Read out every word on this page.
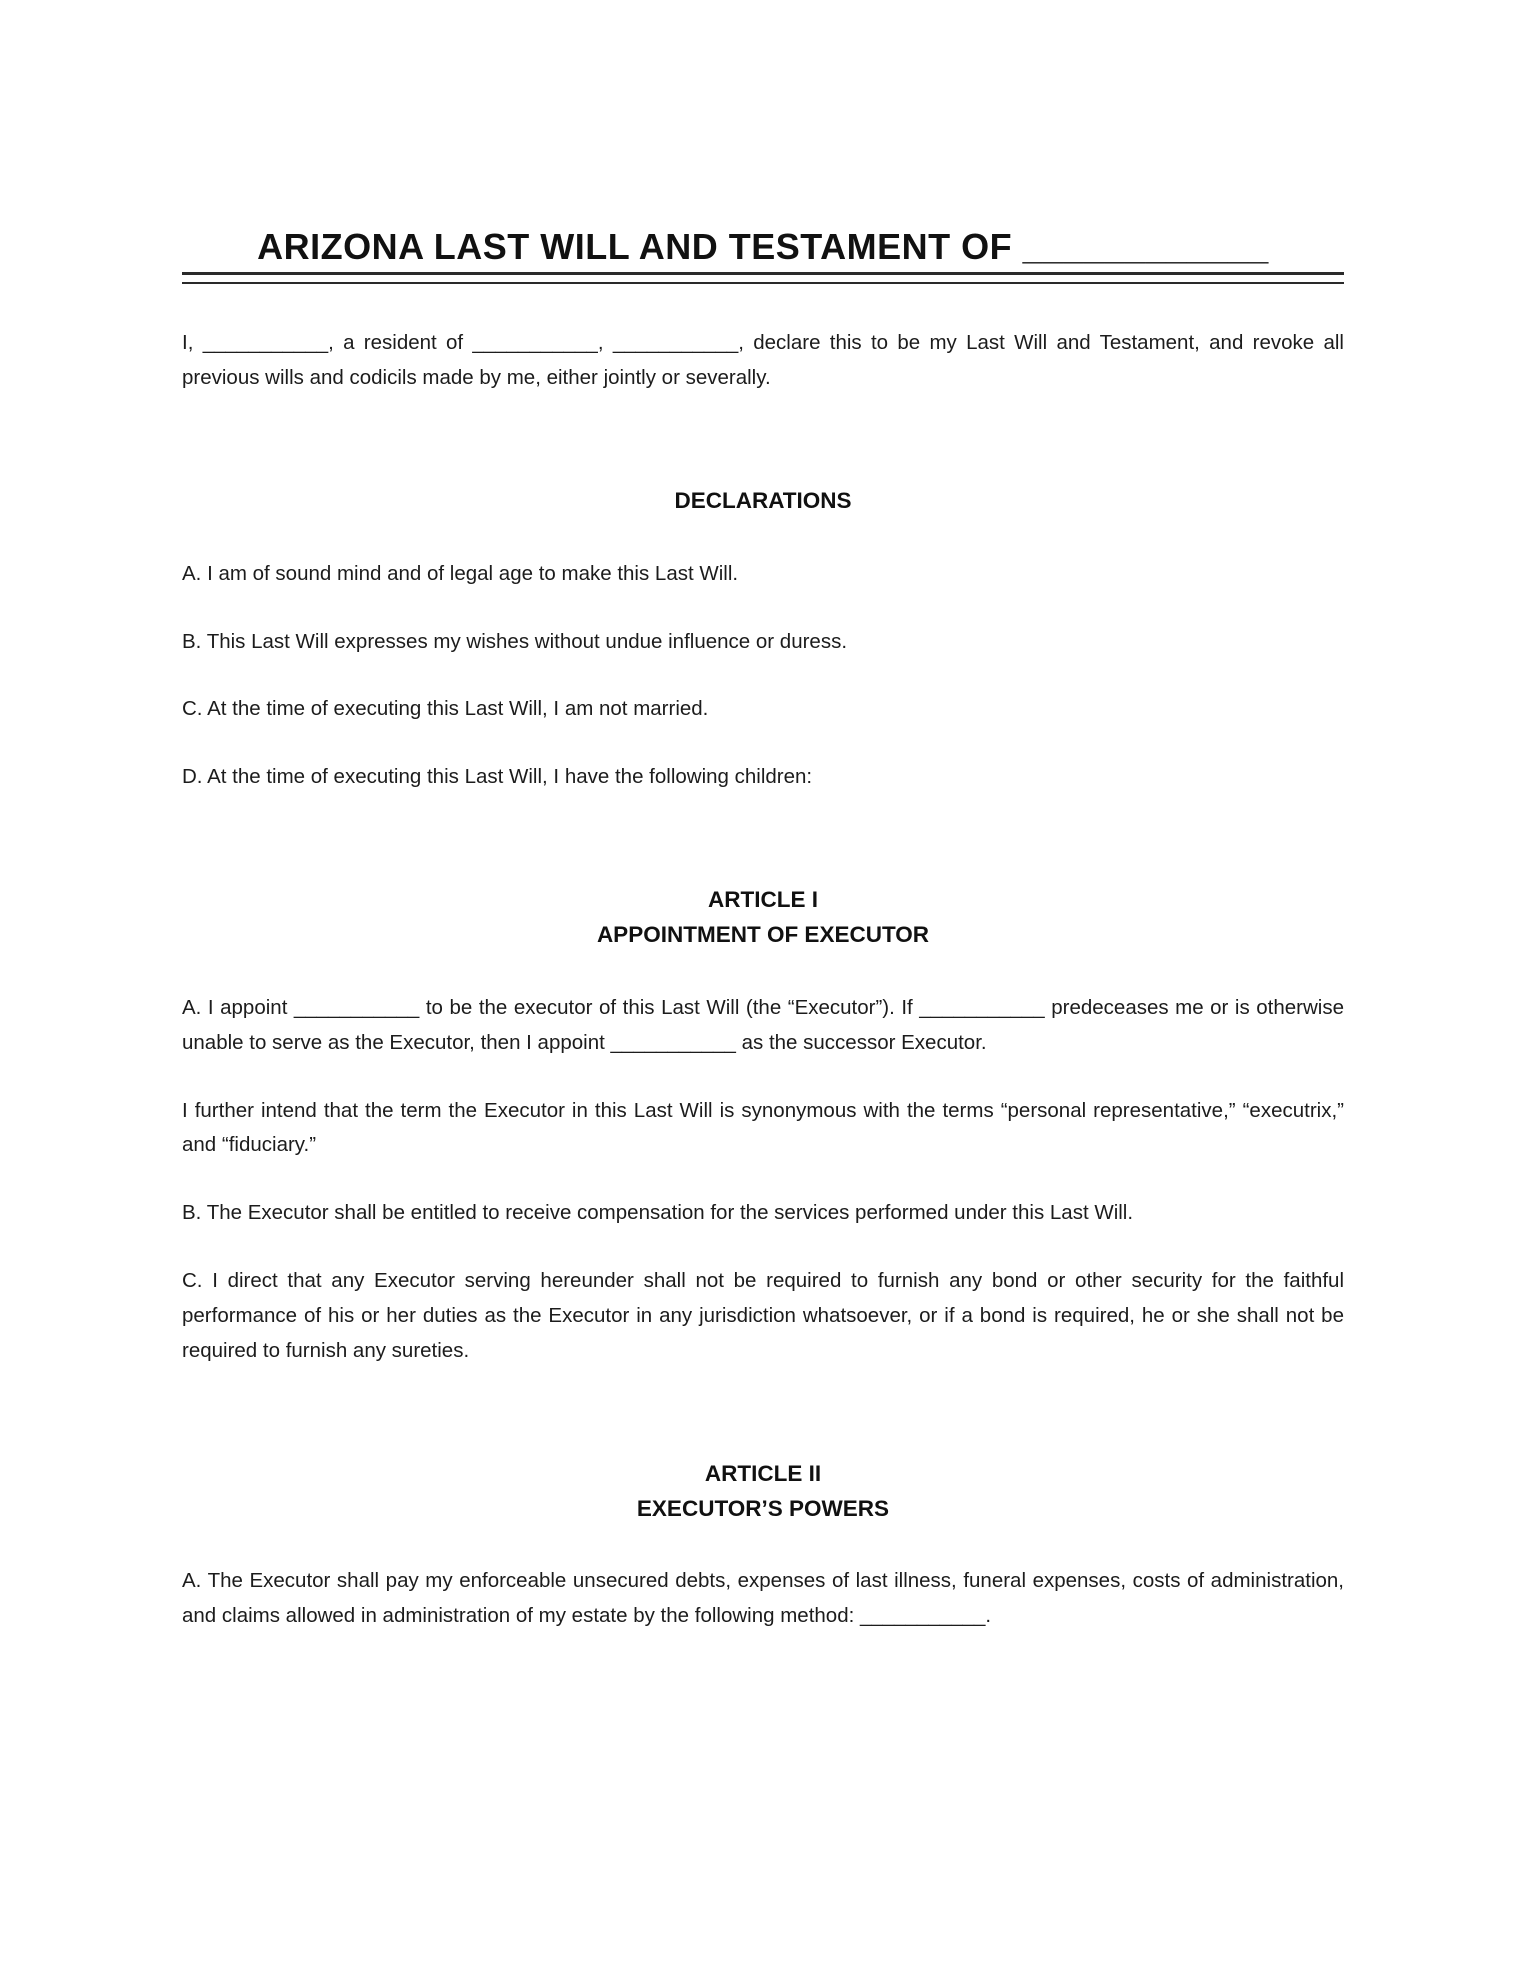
ARIZONA LAST WILL AND TESTAMENT OF ____________

I, ___________, a resident of ___________, ___________, declare this to be my Last Will and Testament, and revoke all previous wills and codicils made by me, either jointly or severally.

DECLARATIONS

A. I am of sound mind and of legal age to make this Last Will.

B. This Last Will expresses my wishes without undue influence or duress.

C. At the time of executing this Last Will, I am not married.

D. At the time of executing this Last Will, I have the following children:

ARTICLE I
APPOINTMENT OF EXECUTOR

A. I appoint ___________ to be the executor of this Last Will (the “Executor”). If ___________ predeceases me or is otherwise unable to serve as the Executor, then I appoint ___________ as the successor Executor.

I further intend that the term the Executor in this Last Will is synonymous with the terms “personal representative,” “executrix,” and “fiduciary.”

B. The Executor shall be entitled to receive compensation for the services performed under this Last Will.

C. I direct that any Executor serving hereunder shall not be required to furnish any bond or other security for the faithful performance of his or her duties as the Executor in any jurisdiction whatsoever, or if a bond is required, he or she shall not be required to furnish any sureties.

ARTICLE II
EXECUTOR’S POWERS

A. The Executor shall pay my enforceable unsecured debts, expenses of last illness, funeral expenses, costs of administration, and claims allowed in administration of my estate by the following method: ___________.
